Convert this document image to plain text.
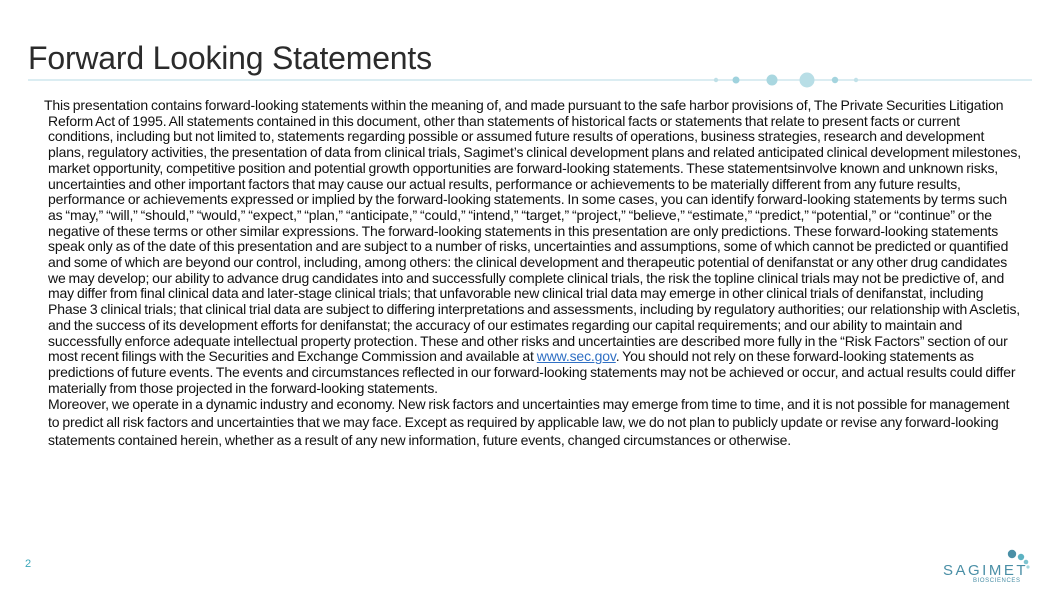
Forward Looking Statements

This presentation contains forward-looking statements within the meaning of, and made pursuant to the safe harbor provisions of, The Private Securities Litigation Reform Act of 1995. All statements contained in this document, other than statements of historical facts or statements that relate to present facts or current conditions, including but not limited to, statements regarding possible or assumed future results of operations, business strategies, research and development plans, regulatory activities, the presentation of data from clinical trials, Sagimet’s clinical development plans and related anticipated clinical development milestones, market opportunity, competitive position and potential growth opportunities are forward-looking statements. These statementsinvolve known and unknown risks, uncertainties and other important factors that may cause our actual results, performance or achievements to be materially different from any future results, performance or achievements expressed or implied by the forward-looking statements. In some cases, you can identify forward-looking statements by terms such as “may,” “will,” “should,” “would,” “expect,” “plan,” “anticipate,” “could,” “intend,” “target,” “project,” “believe,” “estimate,” “predict,” “potential,” or “continue” or the negative of these terms or other similar expressions. The forward-looking statements in this presentation are only predictions. These forward-looking statements speak only as of the date of this presentation and are subject to a number of risks, uncertainties and assumptions, some of which cannot be predicted or quantified and some of which are beyond our control, including, among others: the clinical development and therapeutic potential of denifanstat or any other drug candidates we may develop; our ability to advance drug candidates into and successfully complete clinical trials, the risk the topline clinical trials may not be predictive of, and may differ from final clinical data and later-stage clinical trials; that unfavorable new clinical trial data may emerge in other clinical trials of denifanstat, including Phase 3 clinical trials; that clinical trial data are subject to differing interpretations and assessments, including by regulatory authorities; our relationship with Ascletis, and the success of its development efforts for denifanstat; the accuracy of our estimates regarding our capital requirements; and our ability to maintain and successfully enforce adequate intellectual property protection. These and other risks and uncertainties are described more fully in the “Risk Factors” section of our most recent filings with the Securities and Exchange Commission and available at www.sec.gov. You should not rely on these forward-looking statements as predictions of future events. The events and circumstances reflected in our forward-looking statements may not be achieved or occur, and actual results could differ materially from those projected in the forward-looking statements.

Moreover, we operate in a dynamic industry and economy. New risk factors and uncertainties may emerge from time to time, and it is not possible for management to predict all risk factors and uncertainties that we may face. Except as required by applicable law, we do not plan to publicly update or revise any forward-looking statements contained herein, whether as a result of any new information, future events, changed circumstances or otherwise.

2	SAGIMET
BIOSCIENCES
